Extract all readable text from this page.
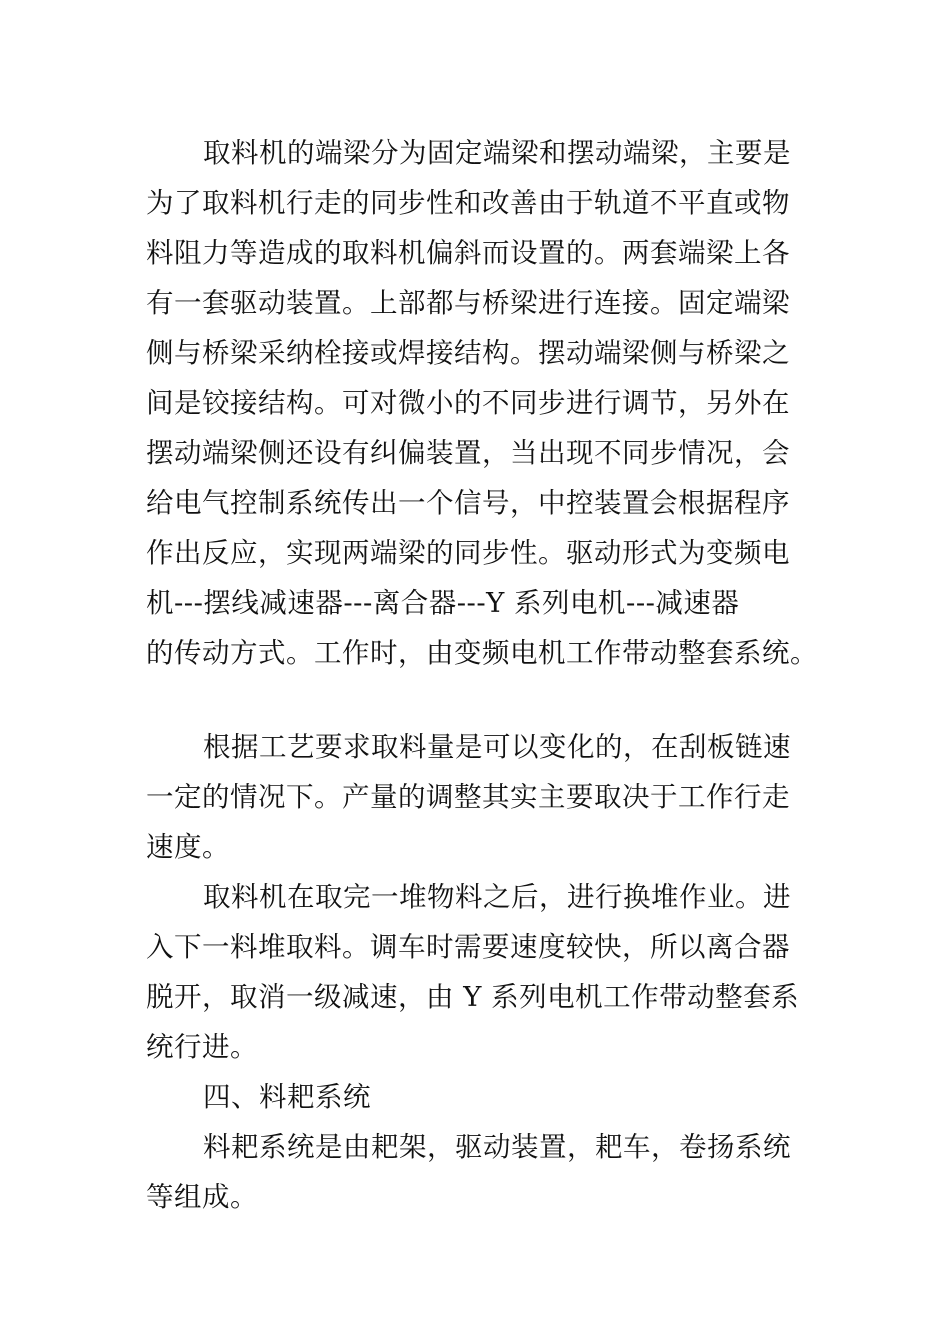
取料机的端梁分为固定端梁和摆动端梁，主要是
为了取料机行走的同步性和改善由于轨道不平直或物
料阻力等造成的取料机偏斜而设置的。两套端梁上各
有一套驱动装置。上部都与桥梁进行连接。固定端梁
侧与桥梁采纳栓接或焊接结构。摆动端梁侧与桥梁之
间是铰接结构。可对微小的不同步进行调节，另外在
摆动端梁侧还设有纠偏装置，当出现不同步情况，会
给电气控制系统传出一个信号，中控装置会根据程序
作出反应，实现两端梁的同步性。驱动形式为变频电
机---摆线减速器---离合器---Y 系列电机---减速器
的传动方式。工作时，由变频电机工作带动整套系统。
根据工艺要求取料量是可以变化的，在刮板链速
一定的情况下。产量的调整其实主要取决于工作行走
速度。
取料机在取完一堆物料之后，进行换堆作业。进
入下一料堆取料。调车时需要速度较快，所以离合器
脱开，取消一级减速，由 Y 系列电机工作带动整套系
统行进。
四、料耙系统
料耙系统是由耙架，驱动装置，耙车，卷扬系统
等组成。
